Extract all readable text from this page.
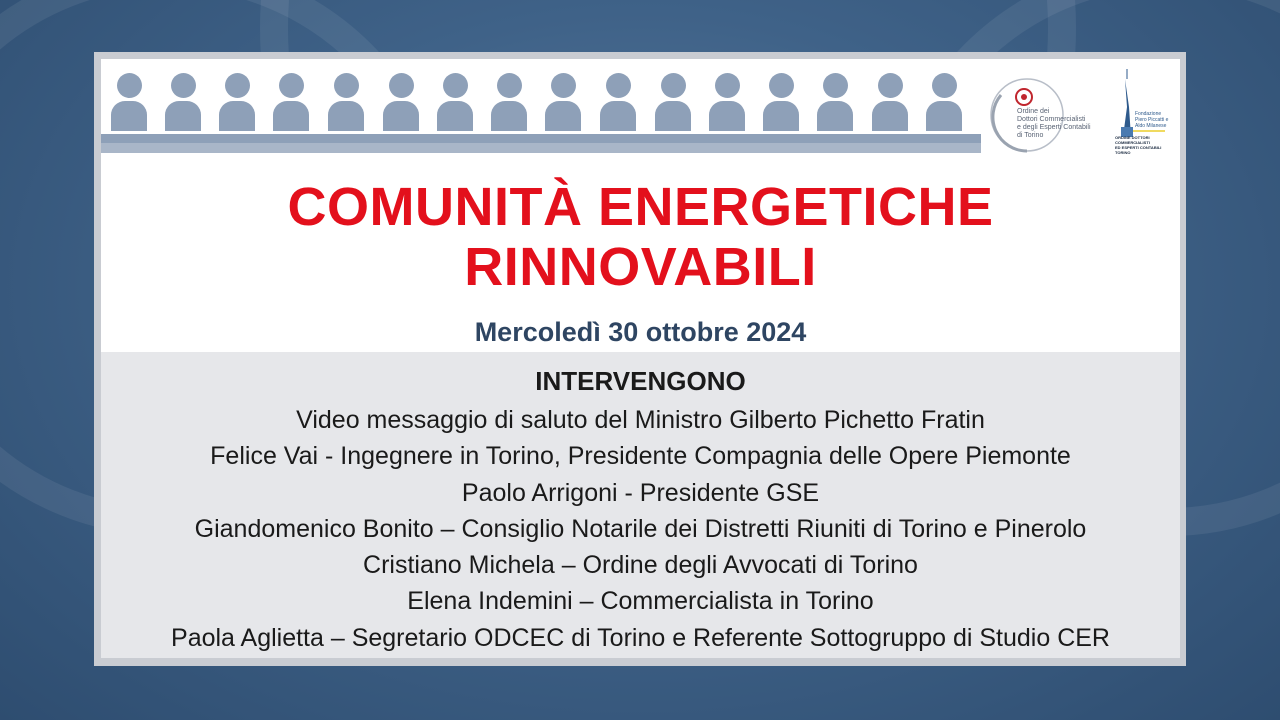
Ordine dei
Dottori Commercialisti
e degli Esperti Contabili
di Torino
Fondazione
Piero Piccatti e
Aldo Milanese
ORDINE DOTTORI
COMMERCIALISTI
ED ESPERTI CONTABILI
TORINO
COMUNITÀ ENERGETICHE
RINNOVABILI
Mercoledì 30 ottobre 2024
INTERVENGONO
Video messaggio di saluto del Ministro Gilberto Pichetto Fratin
Felice Vai - Ingegnere in Torino, Presidente Compagnia delle Opere Piemonte
Paolo Arrigoni - Presidente GSE
Giandomenico Bonito – Consiglio Notarile dei Distretti Riuniti di Torino e Pinerolo
Cristiano Michela – Ordine degli Avvocati di Torino
Elena Indemini – Commercialista in Torino
Paola Aglietta – Segretario ODCEC di Torino e Referente Sottogruppo di Studio CER
